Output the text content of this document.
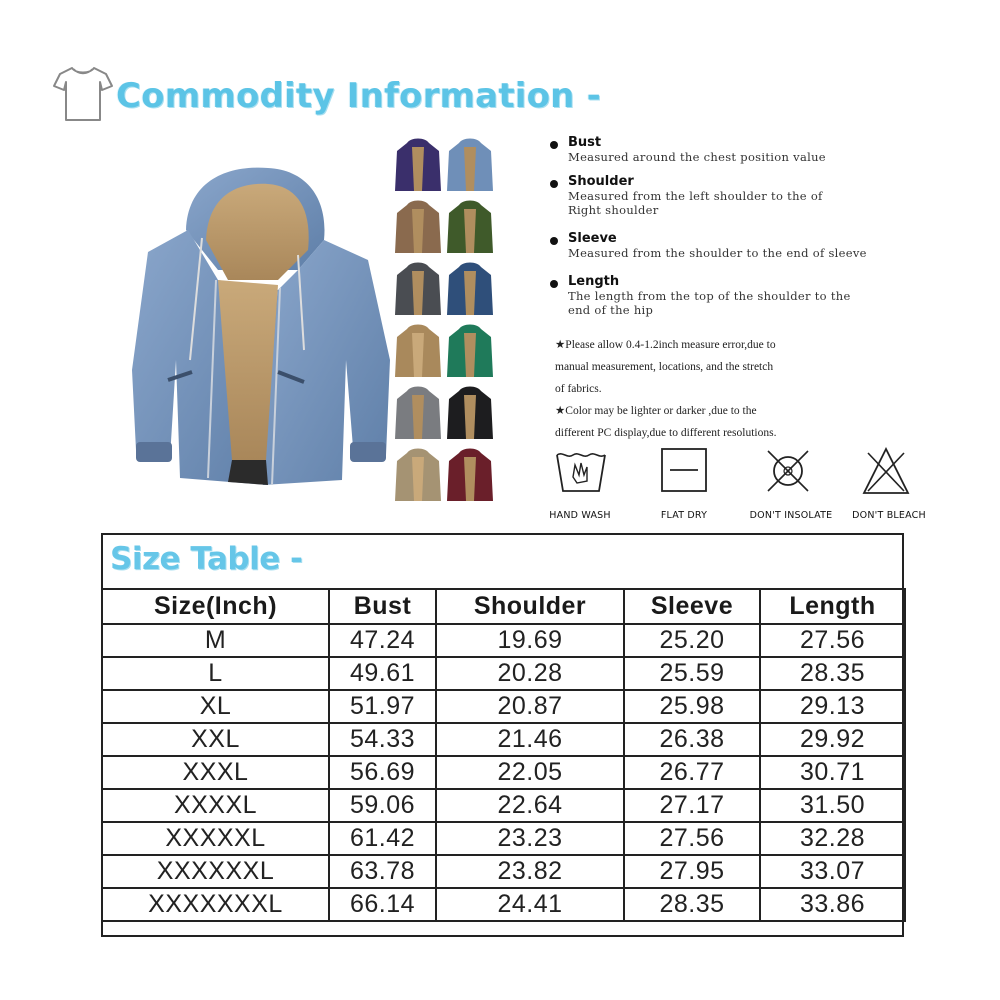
Commodity Information -
Bust
Measured around the chest position value
Shoulder
Measured from the left shoulder to the of Right shoulder
Sleeve
Measured from the shoulder to the end of sleeve
Length
The length from the top of the shoulder to the end of the hip

★Please allow 0.4-1.2inch measure error,due to

manual measurement, locations, and the stretch

of fabrics.

★Color may be lighter or darker ,due to the

different PC display,due to different resolutions.

HAND WASH	FLAT DRY	DON'T INSOLATE DON'T BLEACH
Size Table -
Size(Inch)	Bust	Shoulder	Sleeve	Length
M	47.24	19.69	25.20	27.56
L	49.61	20.28	25.59	28.35
XL	51.97	20.87	25.98	29.13
XXL	54.33	21.46	26.38	29.92
XXXL	56.69	22.05	26.77	30.71
XXXXL	59.06	22.64	27.17	31.50
XXXXXL	61.42	23.23	27.56	32.28
XXXXXXL	63.78	23.82	27.95	33.07
XXXXXXXL	66.14	24.41	28.35	33.86
